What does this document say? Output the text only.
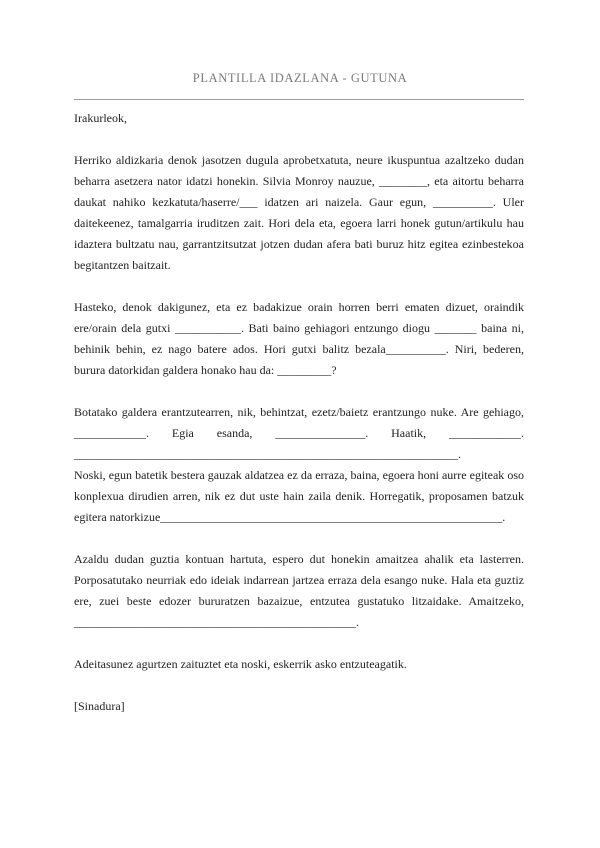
PLANTILLA IDAZLANA - GUTUNA

Irakurleok,

Herriko aldizkaria denok jasotzen dugula aprobetxatuta, neure ikuspuntua azaltzeko dudan beharra asetzera nator idatzi honekin. Silvia Monroy nauzue, ________, eta aitortu beharra daukat nahiko kezkatuta/haserre/___ idatzen ari naizela. Gaur egun, __________. Uler daitekeenez, tamalgarria iruditzen zait. Hori dela eta, egoera larri honek gutun/artikulu hau idaztera bultzatu nau, garrantzitsutzat jotzen dudan afera bati buruz hitz egitea ezinbestekoa begitantzen baitzait.

Hasteko, denok dakigunez, eta ez badakizue orain horren berri ematen dizuet, oraindik ere/orain dela gutxi ___________. Bati baino gehiagori entzungo diogu _______ baina ni, behinik behin, ez nago batere ados. Hori gutxi balitz bezala__________. Niri, bederen, burura datorkidan galdera honako hau da: _________?

Botatako galdera erantzutearren, nik, behintzat, ezetz/baietz erantzungo nuke. Are gehiago, ____________. Egia esanda, _______________. Haatik, ____________. ________________________________________________________________.

Noski, egun batetik bestera gauzak aldatzea ez da erraza, baina, egoera honi aurre egiteak oso konplexua dirudien arren, nik ez dut uste hain zaila denik. Horregatik, proposamen batzuk egitera natorkizue_________________________________________________________.

Azaldu dudan guztia kontuan hartuta, espero dut honekin amaitzea ahalik eta lasterren. Porposatutako neurriak edo ideiak indarrean jartzea erraza dela esango nuke. Hala eta guztiz ere, zuei beste edozer bururatzen bazaizue, entzutea gustatuko litzaidake. Amaitzeko, _______________________________________________.

Adeitasunez agurtzen zaituztet eta noski, eskerrik asko entzuteagatik.

[Sinadura]
